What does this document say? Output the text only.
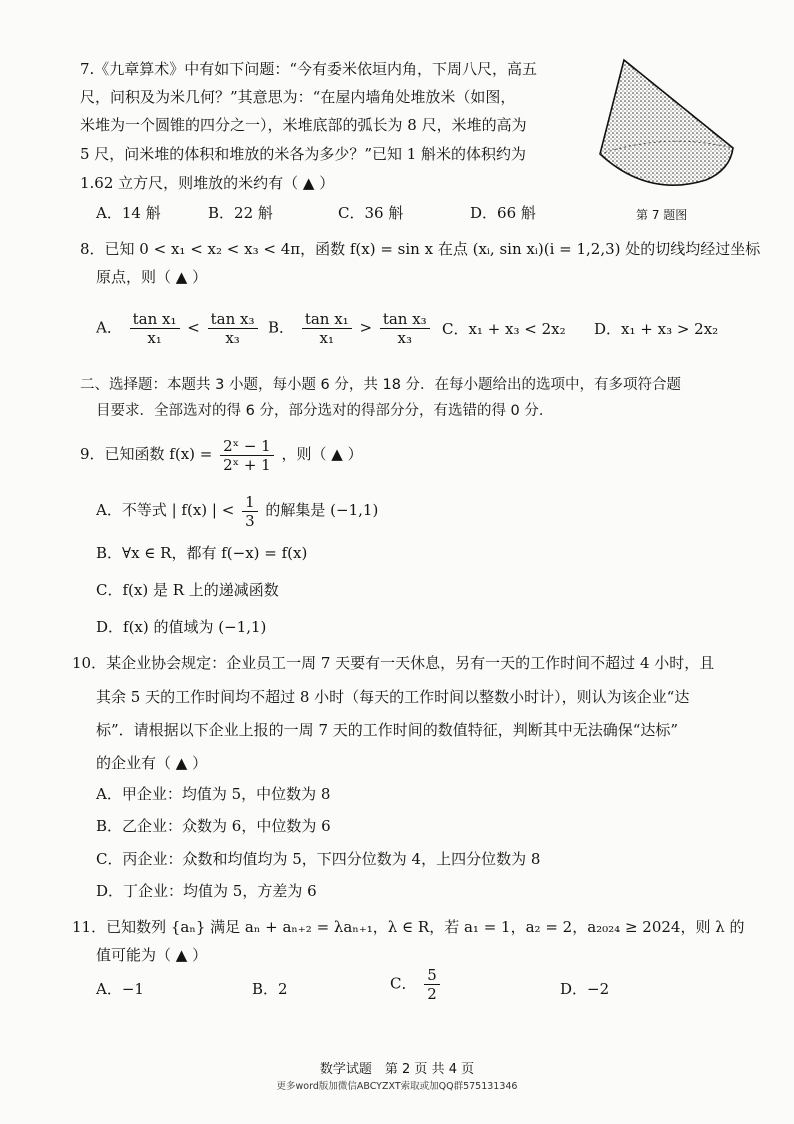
7.《九章算术》中有如下问题：“今有委米依垣内角，下周八尺，高五
尺，问积及为米几何？”其意思为：“在屋内墙角处堆放米（如图，
米堆为一个圆锥的四分之一），米堆底部的弧长为 8 尺，米堆的高为
5 尺，问米堆的体积和堆放的米各为多少？”已知 1 斛米的体积约为
1.62 立方尺，则堆放的米约有（ ▲ ）
A．14 斛	B．22 斛	C．36 斛	D．66 斛	第 7 题图
8．已知 0 < x₁ < x₂ < x₃ < 4π，函数 f(x) = sin x 在点 (xᵢ, sin xᵢ)(i = 1,2,3) 处的切线均经过坐标
原点，则（ ▲ ）
A． $\frac{\text{tan x₁}}{\text{x₁}} < \frac{\text{tan x₃}}{\text{x₃}}$ B． $\frac{\text{tan x₁}}{\text{x₁}} > \frac{\text{tan x₃}}{\text{x₃}}$ C．x₁ + x₃ < 2x₂ D．x₁ + x₃ > 2x₂
二、选择题：本题共 3 小题，每小题 6 分，共 18 分．在每小题给出的选项中，有多项符合题
目要求．全部选对的得 6 分，部分选对的得部分分，有选错的得 0 分．
9．已知函数 $f(x) = \frac{\text{2ˣ − 1}}{\text{2ˣ + 1}}$ ，则（ ▲ ）
A．不等式 | f(x) | < $\frac{1}{3}$ 的解集是 (−1,1)
B．∀x ∈ R，都有 f(−x) = f(x)
C．f(x) 是 R 上的递减函数
D．f(x) 的值域为 (−1,1)
10．某企业协会规定：企业员工一周 7 天要有一天休息，另有一天的工作时间不超过 4 小时，且
其余 5 天的工作时间均不超过 8 小时（每天的工作时间以整数小时计），则认为该企业“达
标”．请根据以下企业上报的一周 7 天的工作时间的数值特征，判断其中无法确保“达标”
的企业有（ ▲ ）
A．甲企业：均值为 5，中位数为 8
B．乙企业：众数为 6，中位数为 6
C．丙企业：众数和均值均为 5，下四分位数为 4，上四分位数为 8
D．丁企业：均值为 5，方差为 6
11．已知数列 {aₙ} 满足 aₙ + aₙ₊₂ = λaₙ₊₁，λ ∈ R，若 a₁ = 1，a₂ = 2，a₂₀₂₄ ≥ 2024，则 λ 的
值可能为（ ▲ ）
A．−1	B．2	C． $\frac{5}{2}$	D．−2
数学试题　第 2 页 共 4 页
更多word版加微信ABCYZXT索取或加QQ群575131346
